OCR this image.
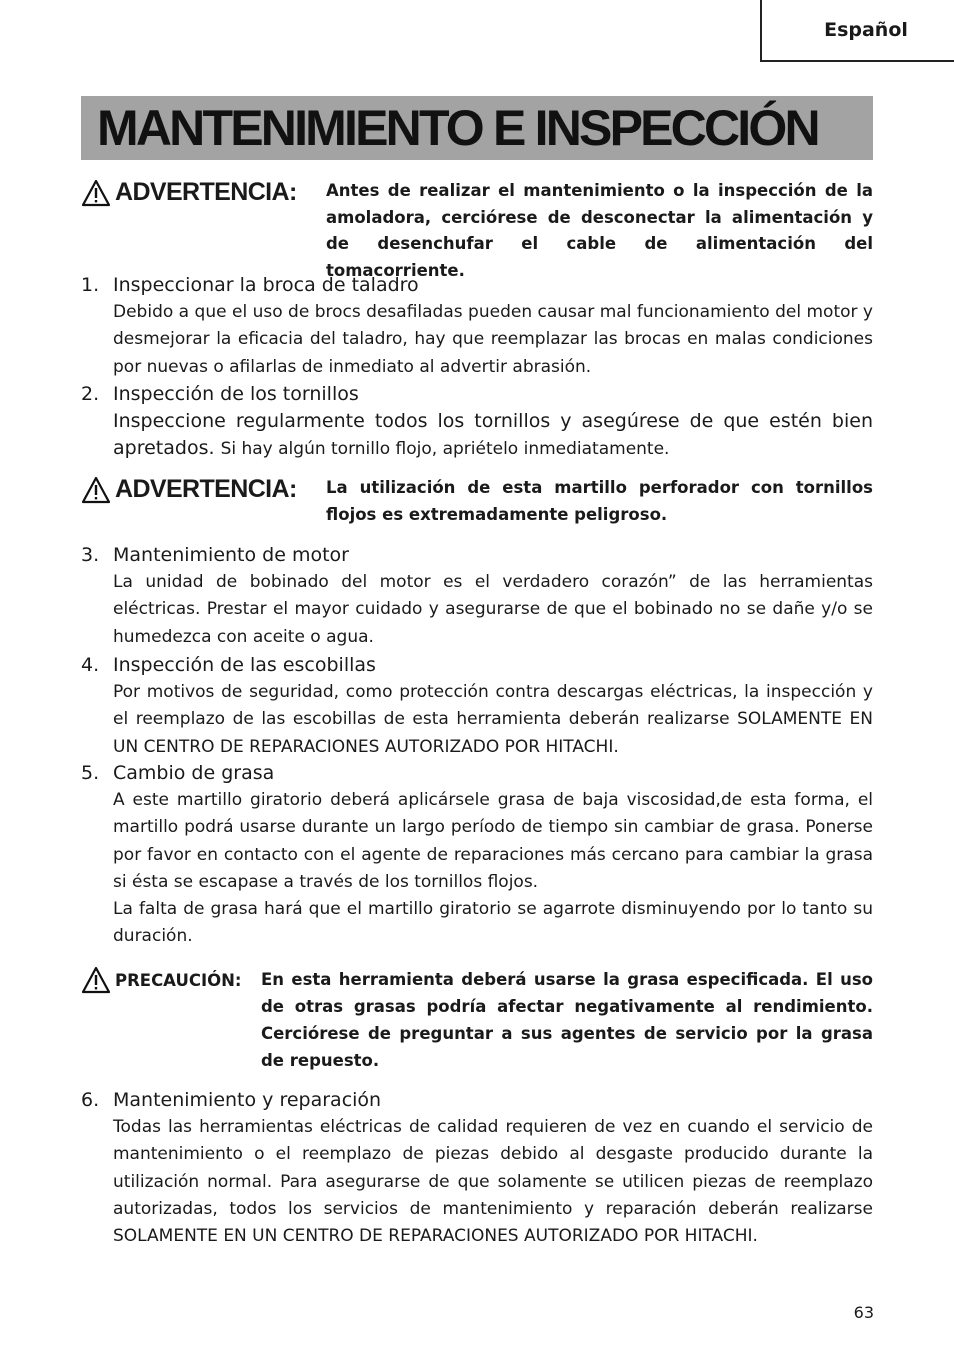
Español
MANTENIMIENTO E INSPECCIÓN
ADVERTENCIA: Antes de realizar el mantenimiento o la inspección de la amoladora, cerciórese de desconectar la alimentación y de desenchufar el cable de alimentación del tomacorriente.
1. Inspeccionar la broca de taladro
Debido a que el uso de brocs desafiladas pueden causar mal funcionamiento del motor y desmejorar la eficacia del taladro, hay que reemplazar las brocas en malas condiciones por nuevas o afilarlas de inmediato al advertir abrasión.
2. Inspección de los tornillos
Inspeccione regularmente todos los tornillos y asegúrese de que estén bien apretados. Si hay algún tornillo flojo, apriételo inmediatamente.
ADVERTENCIA: La utilización de esta martillo perforador con tornillos flojos es extremadamente peligroso.
3. Mantenimiento de motor
La unidad de bobinado del motor es el verdadero corazón” de las herramientas eléctricas. Prestar el mayor cuidado y asegurarse de que el bobinado no se dañe y/o se humedezca con aceite o agua.
4. Inspección de las escobillas
Por motivos de seguridad, como protección contra descargas eléctricas, la inspección y el reemplazo de las escobillas de esta herramienta deberán realizarse SOLAMENTE EN UN CENTRO DE REPARACIONES AUTORIZADO POR HITACHI.
5. Cambio de grasa

A este martillo giratorio deberá aplicársele grasa de baja viscosidad,de esta forma, el martillo podrá usarse durante un largo período de tiempo sin cambiar de grasa. Ponerse por favor en contacto con el agente de reparaciones más cercano para cambiar la grasa si ésta se escapase a través de los tornillos flojos.

La falta de grasa hará que el martillo giratorio se agarrote disminuyendo por lo tanto su duración.

PRECAUCIÓN: En esta herramienta deberá usarse la grasa especificada. El uso de otras grasas podría afectar negativamente al rendimiento. Cerciórese de preguntar a sus agentes de servicio por la grasa de repuesto.
6. Mantenimiento y reparación
Todas las herramientas eléctricas de calidad requieren de vez en cuando el servicio de mantenimiento o el reemplazo de piezas debido al desgaste producido durante la utilización normal. Para asegurarse de que solamente se utilicen piezas de reemplazo autorizadas, todos los servicios de mantenimiento y reparación deberán realizarse SOLAMENTE EN UN CENTRO DE REPARACIONES AUTORIZADO POR HITACHI.
63
